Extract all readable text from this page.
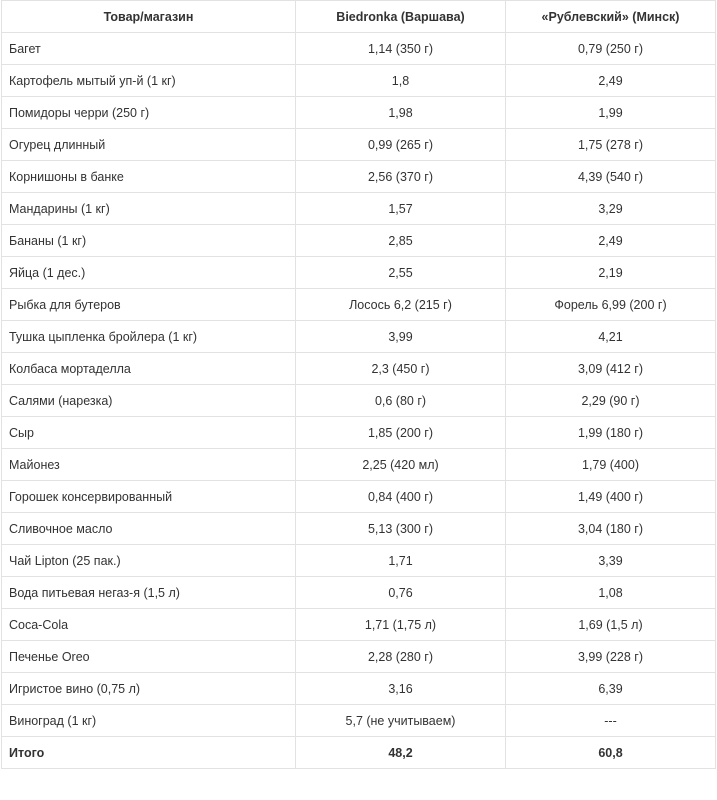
Товар/магазин	Biedronka (Варшава)	«Рублевский» (Минск)
Багет	1,14 (350 г)	0,79 (250 г)
Картофель мытый уп-й (1 кг)	1,8	2,49
Помидоры черри (250 г)	1,98	1,99
Огурец длинный	0,99 (265 г)	1,75 (278 г)
Корнишоны в банке	2,56 (370 г)	4,39 (540 г)
Мандарины (1 кг)	1,57	3,29
Бананы (1 кг)	2,85	2,49
Яйца (1 дес.)	2,55	2,19
Рыбка для бутеров	Лосось 6,2 (215 г)	Форель 6,99 (200 г)
Тушка цыпленка бройлера (1 кг)	3,99	4,21
Колбаса мортаделла	2,3 (450 г)	3,09 (412 г)
Салями (нарезка)	0,6 (80 г)	2,29 (90 г)
Сыр	1,85 (200 г)	1,99 (180 г)
Майонез	2,25 (420 мл)	1,79 (400)
Горошек консервированный	0,84 (400 г)	1,49 (400 г)
Сливочное масло	5,13 (300 г)	3,04 (180 г)
Чай Lipton (25 пак.)	1,71	3,39
Вода питьевая негаз-я (1,5 л)	0,76	1,08
Coca-Cola	1,71 (1,75 л)	1,69 (1,5 л)
Печенье Oreo	2,28 (280 г)	3,99 (228 г)
Игристое вино (0,75 л)	3,16	6,39
Виноград (1 кг)	5,7 (не учитываем)	---
Итого	48,2	60,8
